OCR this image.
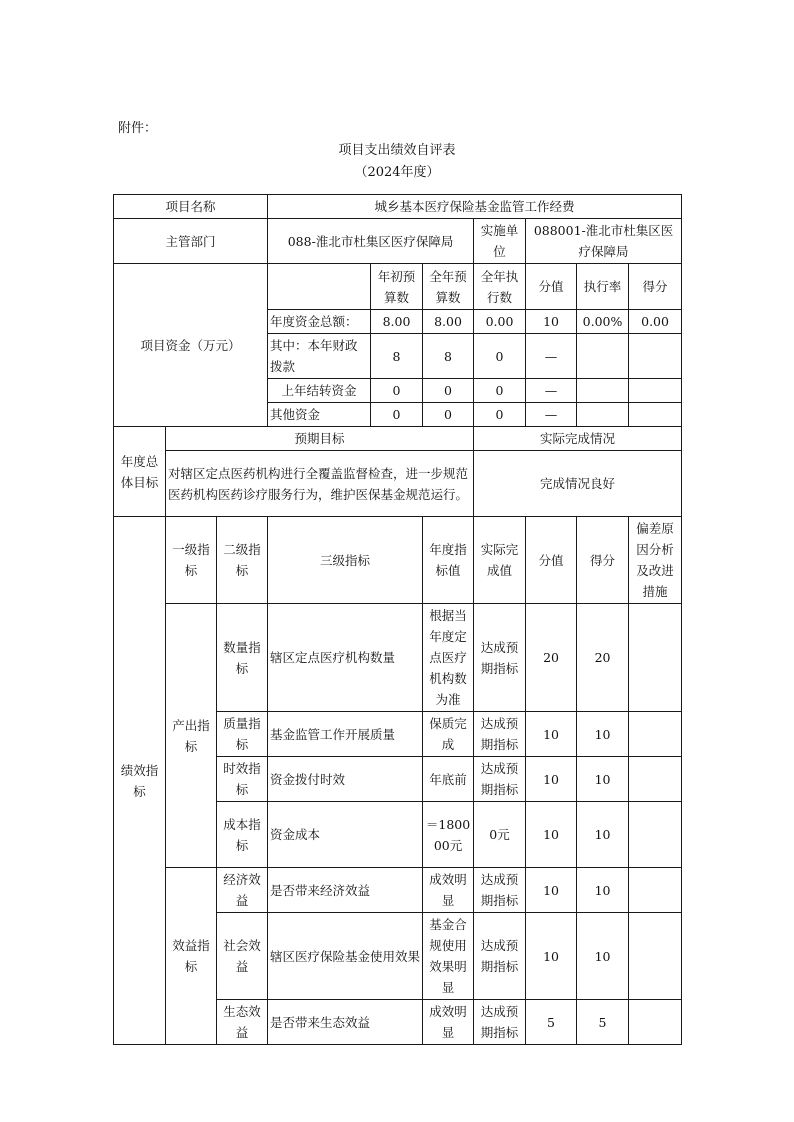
附件：
项目支出绩效自评表
（2024年度）
项目名称			城乡基本医疗保险基金监管工作经费						
主管部门			088-淮北市杜集区医疗保障局			实施单位	088001-淮北市杜集区医疗保障局		
项目资金（万元）				年初预算数	全年预算数	全年执行数	分值	执行率	得分
			年度资金总额：	8.00	8.00	0.00	10	0.00%	0.00
			其中：本年财政拨款	8	8	0	—		
			上年结转资金	0	0	0	—		
			其他资金	0	0	0	—		
年度总体目标	预期目标					实际完成情况			
	对辖区定点医药机构进行全覆盖监督检查，进一步规范医药机构医药诊疗服务行为，维护医保基金规范运行。					完成情况良好			
绩效指标	一级指标	二级指标	三级指标		年度指标值	实际完成值	分值	得分	偏差原因分析及改进措施
	产出指标	数量指标	辖区定点医疗机构数量		根据当年度定点医疗机构数为准	达成预期指标	20	20	
		质量指标	基金监管工作开展质量		保质完成	达成预期指标	10	10	
		时效指标	资金拨付时效		年底前	达成预期指标	10	10	
		成本指标	资金成本		＝180000元	0元	10	10	
	效益指标	经济效益	是否带来经济效益		成效明显	达成预期指标	10	10	
		社会效益	辖区医疗保险基金使用效果		基金合规使用效果明显	达成预期指标	10	10	
		生态效益	是否带来生态效益		成效明显	达成预期指标	5	5	
